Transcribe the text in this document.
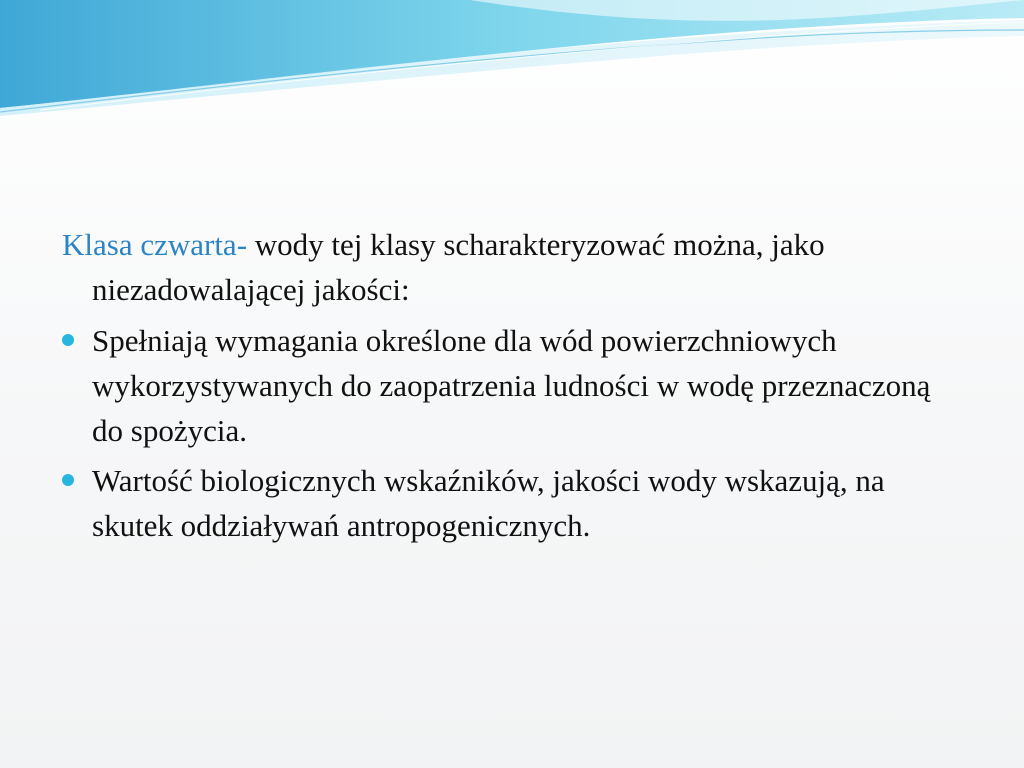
Klasa czwarta- wody tej klasy scharakteryzować można, jako niezadowalającej jakości:

Spełniają wymagania określone dla wód powierzchniowych wykorzystywanych do zaopatrzenia ludności w wodę przeznaczoną do spożycia.
Wartość biologicznych wskaźników, jakości wody wskazują, na skutek oddziaływań antropogenicznych.
